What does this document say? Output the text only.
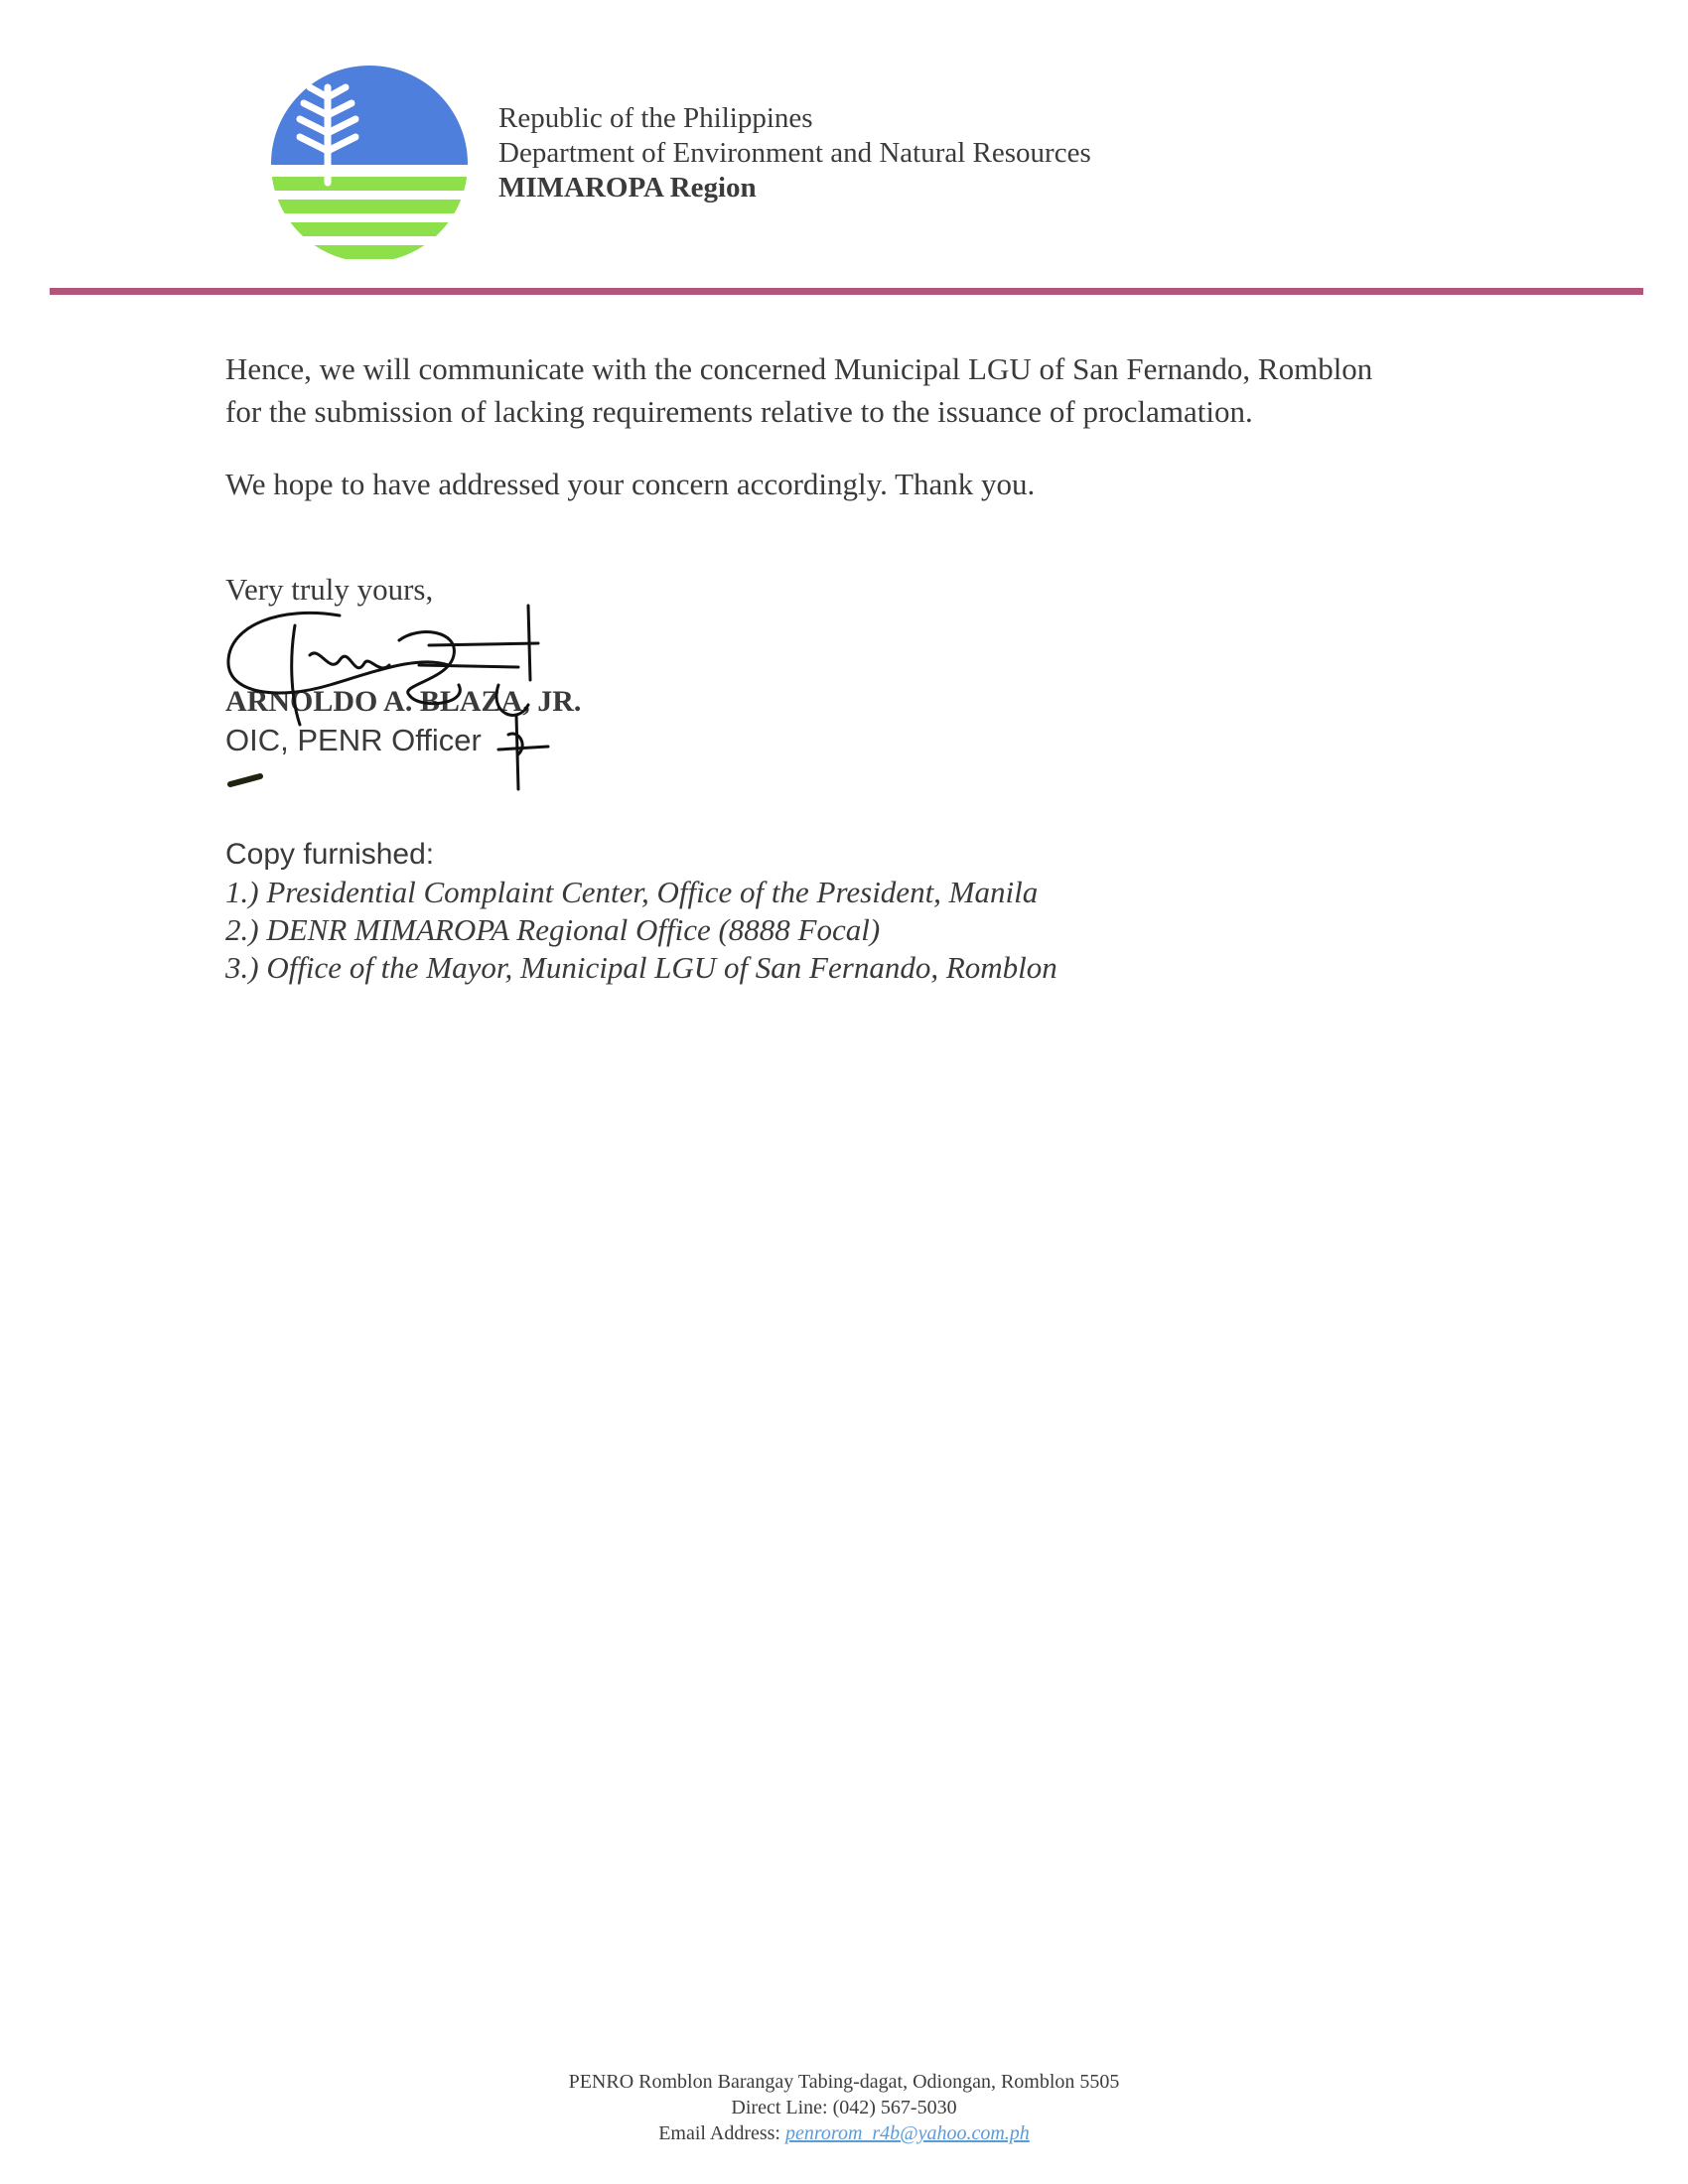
Republic of the Philippines
Department of Environment and Natural Resources
MIMAROPA Region
Hence, we will communicate with the concerned Municipal LGU of San Fernando, Romblon
for the submission of lacking requirements relative to the issuance of proclamation.
We hope to have addressed your concern accordingly. Thank you.
Very truly yours,
ARNOLDO A. BLAZA, JR.
OIC, PENR Officer
Copy furnished:
1.) Presidential Complaint Center, Office of the President, Manila
2.) DENR MIMAROPA Regional Office (8888 Focal)
3.) Office of the Mayor, Municipal LGU of San Fernando, Romblon
PENRO Romblon Barangay Tabing-dagat, Odiongan, Romblon 5505
Direct Line: (042) 567-5030
Email Address: penrorom_r4b@yahoo.com.ph
